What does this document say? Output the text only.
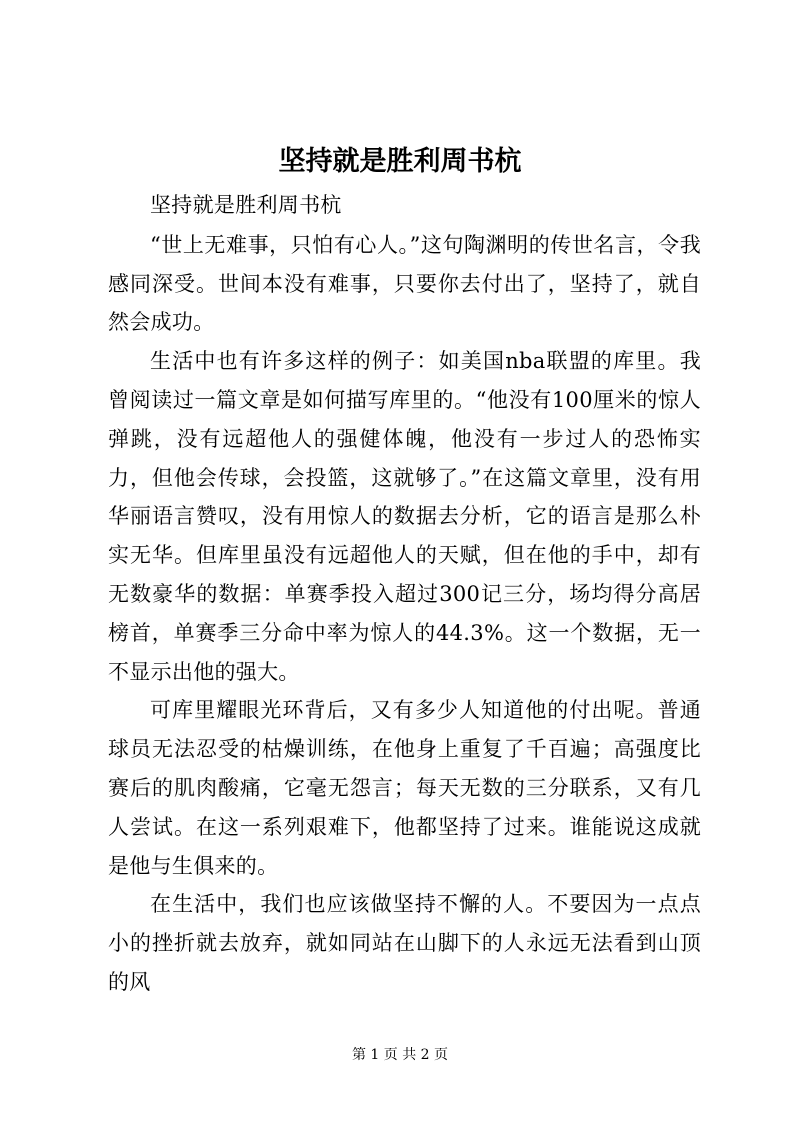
坚持就是胜利周书杭

坚持就是胜利周书杭

“世上无难事，只怕有心人。”这句陶渊明的传世名言，令我感同深受。世间本没有难事，只要你去付出了，坚持了，就自然会成功。

生活中也有许多这样的例子：如美国nba联盟的库里。我曾阅读过一篇文章是如何描写库里的。“他没有100厘米的惊人弹跳，没有远超他人的强健体魄，他没有一步过人的恐怖实力，但他会传球，会投篮，这就够了。”在这篇文章里，没有用华丽语言赞叹，没有用惊人的数据去分析，它的语言是那么朴实无华。但库里虽没有远超他人的天赋，但在他的手中，却有无数豪华的数据：单赛季投入超过300记三分，场均得分高居榜首，单赛季三分命中率为惊人的44.3%。这一个数据，无一不显示出他的强大。

可库里耀眼光环背后，又有多少人知道他的付出呢。普通球员无法忍受的枯燥训练，在他身上重复了千百遍；高强度比赛后的肌肉酸痛，它毫无怨言；每天无数的三分联系，又有几人尝试。在这一系列艰难下，他都坚持了过来。谁能说这成就是他与生俱来的。

在生活中，我们也应该做坚持不懈的人。不要因为一点点小的挫折就去放弃，就如同站在山脚下的人永远无法看到山顶的风

第 1 页 共 2 页
